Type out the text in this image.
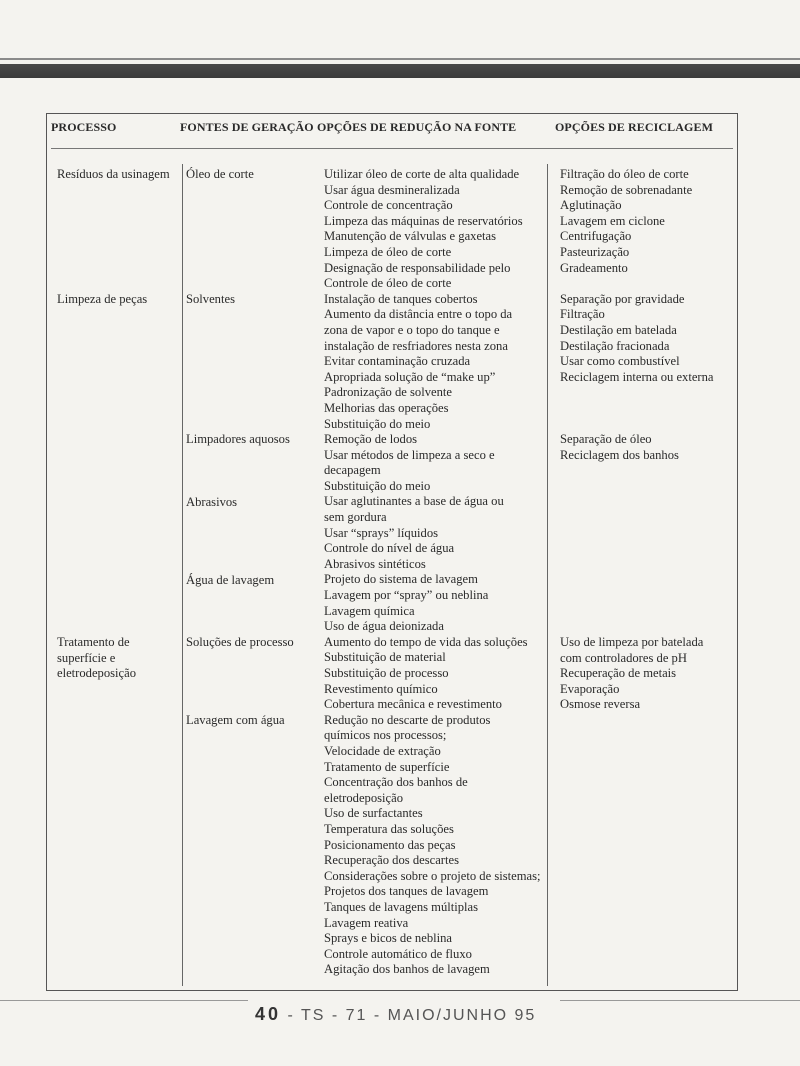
PROCESSO	FONTES DE GERAÇÃO OPÇÕES DE REDUÇÃO NA FONTE	OPÇÕES DE RECICLAGEM
Resíduos da usinagem
Limpeza de peças
Tratamento de
superfície e
eletrodeposição
Óleo de corte
Solventes
Limpadores aquosos
Abrasivos
Água de lavagem
Soluções de processo
Lavagem com água
Utilizar óleo de corte de alta qualidade
Usar água desmineralizada
Controle de concentração
Limpeza das máquinas de reservatórios
Manutenção de válvulas e gaxetas
Limpeza de óleo de corte
Designação de responsabilidade pelo
Controle de óleo de corte
Instalação de tanques cobertos
Aumento da distância entre o topo da
zona de vapor e o topo do tanque e
instalação de resfriadores nesta zona
Evitar contaminação cruzada
Apropriada solução de “make up”
Padronização de solvente
Melhorias das operações
Substituição do meio
Remoção de lodos
Usar métodos de limpeza a seco e
decapagem
Substituição do meio
Usar aglutinantes a base de água ou
sem gordura
Usar “sprays” líquidos
Controle do nível de água
Abrasivos sintéticos
Projeto do sistema de lavagem
Lavagem por “spray” ou neblina
Lavagem química
Uso de água deionizada
Aumento do tempo de vida das soluções
Substituição de material
Substituição de processo
Revestimento químico
Cobertura mecânica e revestimento
Redução no descarte de produtos
químicos nos processos;
Velocidade de extração
Tratamento de superfície
Concentração dos banhos de
eletrodeposição
Uso de surfactantes
Temperatura das soluções
Posicionamento das peças
Recuperação dos descartes
Considerações sobre o projeto de sistemas;
Projetos dos tanques de lavagem
Tanques de lavagens múltiplas
Lavagem reativa
Sprays e bicos de neblina
Controle automático de fluxo
Agitação dos banhos de lavagem
Filtração do óleo de corte
Remoção de sobrenadante
Aglutinação
Lavagem em ciclone
Centrifugação
Pasteurização
Gradeamento
Separação por gravidade
Filtração
Destilação em batelada
Destilação fracionada
Usar como combustível
Reciclagem interna ou externa
Separação de óleo
Reciclagem dos banhos
Uso de limpeza por batelada
com controladores de pH
Recuperação de metais
Evaporação
Osmose reversa
40 - TS - 71 - MAIO/JUNHO 95
